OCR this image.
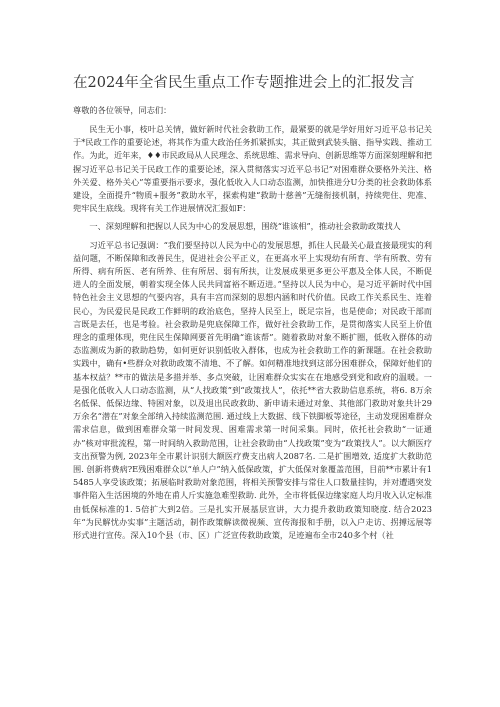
在2024年全省民生重点工作专题推进会上的汇报发言

尊敬的各位领导，同志们：

民生无小事，枝叶总关情，做好新时代社会救助工作，最紧要的就是学好用好习近平总书记关于*民政工作的重要论述，将其作为重大政治任务抓紧抓实，其正做到武装头脑、指导实践、推动工作。为此，近年来，♦♦市民政局从人民理念、系统思维、需求导向、创新思维等方面深刻理解和把握习近平总书记关于民政工作的重要论述，深入贯彻落实习近平总书记“对困难群众要格外关注、格外关爱、格外关心”等重要指示要求，强化低收入人口动态监测，加快推进分U分类的社会救助体系建设，全面提升“物质+服务”救助水平，探索构建“救助十慈善”无缝衔接机制，持续兜住、兜准、兜牢民生底线。现将有关工作进展情况汇报如F：

一、深刻理解和把握以人民为中心的发展思想，围绕“谁该相”，推动社会救助政策找人

习近平总书记强调：“我们要坚持以人民为中心的发展思想，抓住人民最关心最直接最现实的利益问题，不断保障和改善民生，促进社会公平正义，在更高水平上实现幼有所育、学有所教、劳有所得、病有所医、老有所养、住有所居、弱有所扶，让发展成果更多更公平惠及全体人民，不断促进人的全面发展，朝着实现全体人民共同富裕不断迈进。”坚持以人民为中心，是习近平新时代中国特色社会主义思想的气要内容，具有丰宫而深刻的思想内涵和时代价值。民政工作关系民生、连着民心，为民爱民是民政工作鲜明的政治底色，坚持人民至上，既足宗旨，也是使命；对民政干部而言既是去任，也是考验。社会救助是兜底保障工作，做好社会救助工作，是贯彻落实人民至上价值理念的重理体现，兜住民生保障网要首先明确“谁该帮”。随着救助对象不断扩圈，低收入群体的动态监测成为新的救助趋势，如何更好识别低收入群体，也成为社会救助工作的新课题。在社会救助实践中，确有•些群众对救助政策不清地、不了解。如何精准地找到这部分困难群众，保障好他们的基本权益？**市的做法是多措并举、多点突破，让困难群众实实在在地感受到党和政府的温暖。一是强化低收入人口动态监测，从“人找政策”到“政策找人”，依托**省大救助信息系统，将6. 8万余名低保、低保边缘、特困对象，以及退出民政救助、新申请未通过对象、其他部门救助对象共计29万余名“潜在”对象全部纳入持续监测范围. 通过线上大数据、线下铁脚板等途径，主动发现困难群众需求信息，做到困难群众第一时间发现、困难需求第一时间采集。同时，依托社会救助“一证通办”核对审批流程，第一时间纳入救助范围，让社会救助由“人找政策”变为“政策找人”。以大额医疗支出预警为例, 2023年全市累计识别大额医疗费支出病人2087名. 二是扩围增效, 适度扩大救助范围. 创新将费病?E残困难群众以“单人户”纳入低保政策，扩大低保对象覆盖范围，目前**市累计有15485人享受该政策；拓展临时救助对象范围，将相关预警安排与常住人口数量挂钩，并对遭遇突发事件陷入生活困境的外地在甫人斤实施急难型救助. 此外，全市将低保边缘家庭人均月收入认定标准由低保标准的1. 5倍扩大到2倍。三是扎实开展基层宣讲，大力提升救助政策知晓度. 结合2023年“为民解忧办实事”主题活动，制作政策解读微视频、宣传海报和手册，以入户走访、拐搏远展等形式进行宣传。深入10个县（市、区）广泛宣传救助政策，足迹遍布全市240多个村（社
